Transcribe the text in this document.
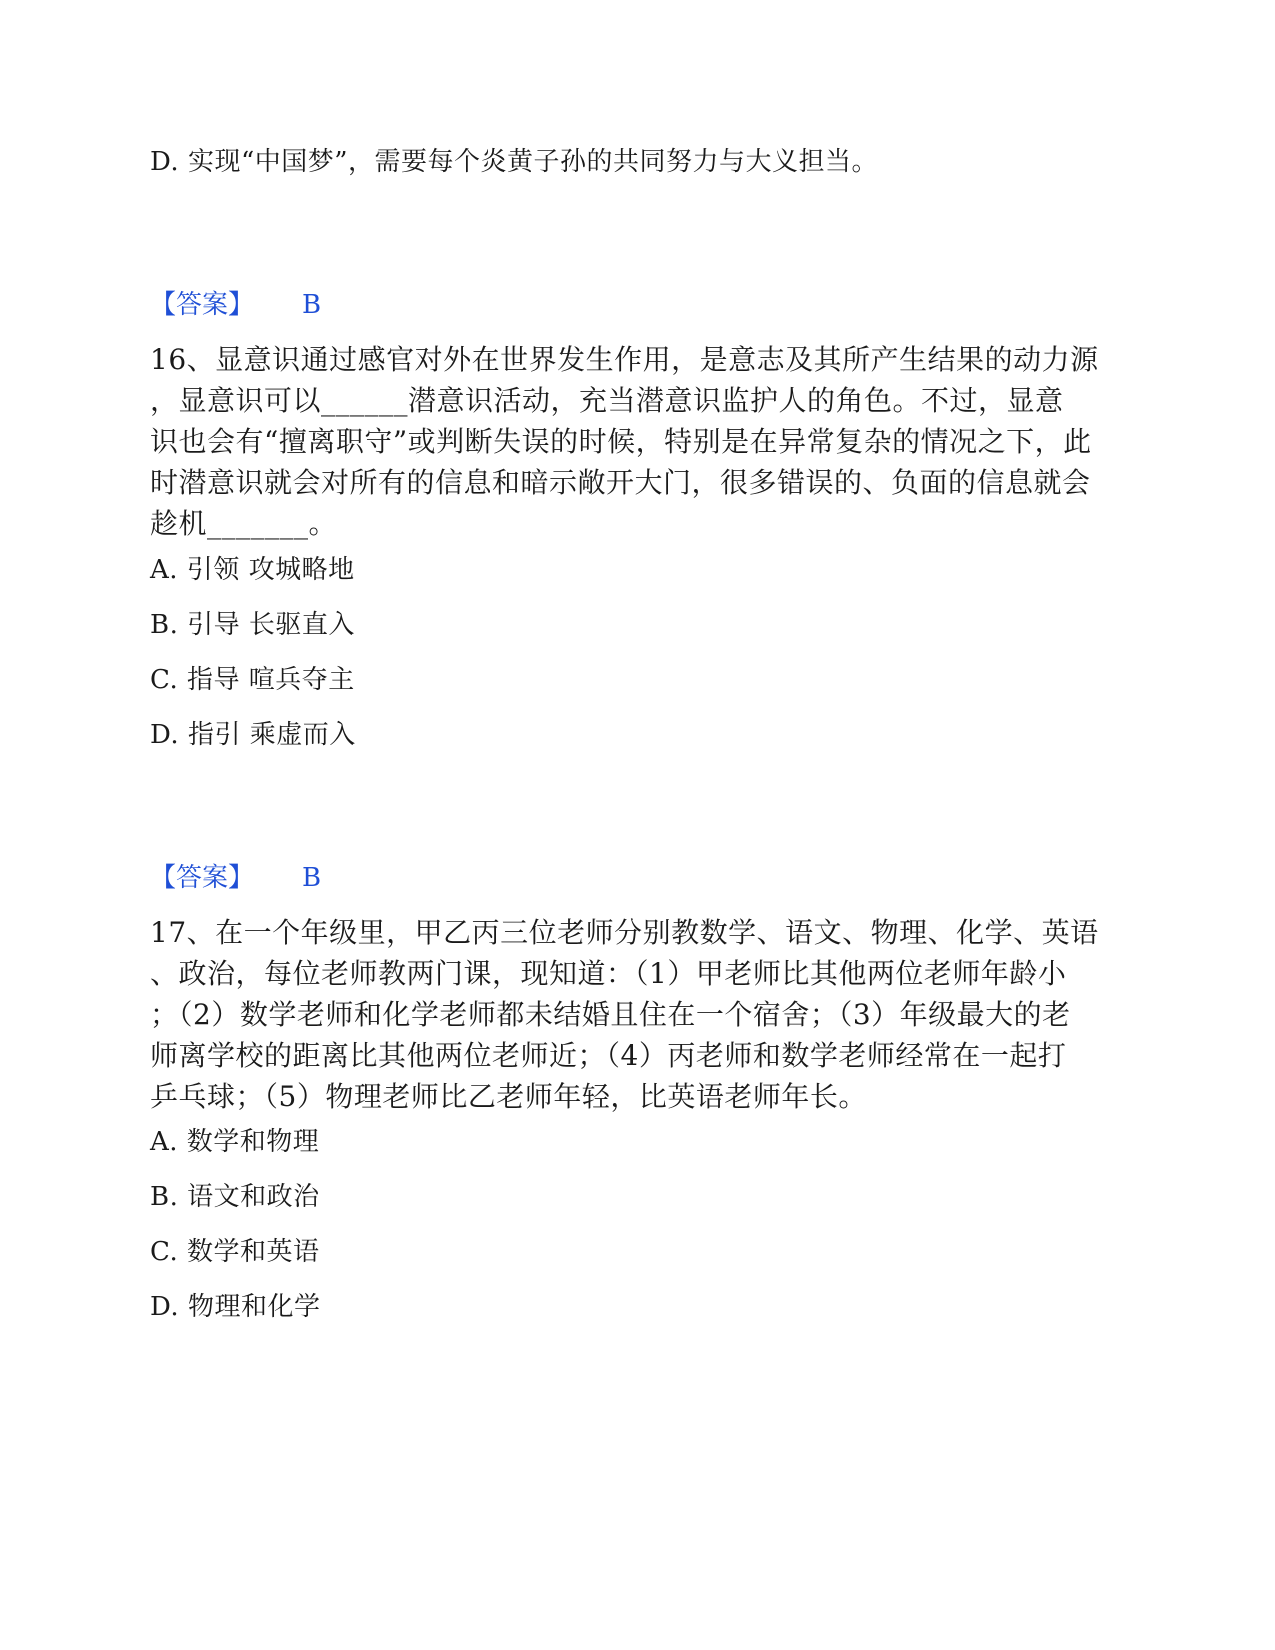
D. 实现“中国梦”，需要每个炎黄子孙的共同努力与大义担当。
【答案】 B
16、显意识通过感官对外在世界发生作用，是意志及其所产生结果的动力源
，显意识可以______潜意识活动，充当潜意识监护人的角色。不过，显意
识也会有“擅离职守”或判断失误的时候，特别是在异常复杂的情况之下，此
时潜意识就会对所有的信息和暗示敞开大门，很多错误的、负面的信息就会
趁机_______。
A. 引领 攻城略地
B. 引导 长驱直入
C. 指导 喧兵夺主
D. 指引 乘虚而入
【答案】 B
17、在一个年级里，甲乙丙三位老师分别教数学、语文、物理、化学、英语
、政治，每位老师教两门课，现知道：（1）甲老师比其他两位老师年龄小
；（2）数学老师和化学老师都未结婚且住在一个宿舍；（3）年级最大的老
师离学校的距离比其他两位老师近；（4）丙老师和数学老师经常在一起打
乒乓球；（5）物理老师比乙老师年轻，比英语老师年长。
A. 数学和物理
B. 语文和政治
C. 数学和英语
D. 物理和化学
